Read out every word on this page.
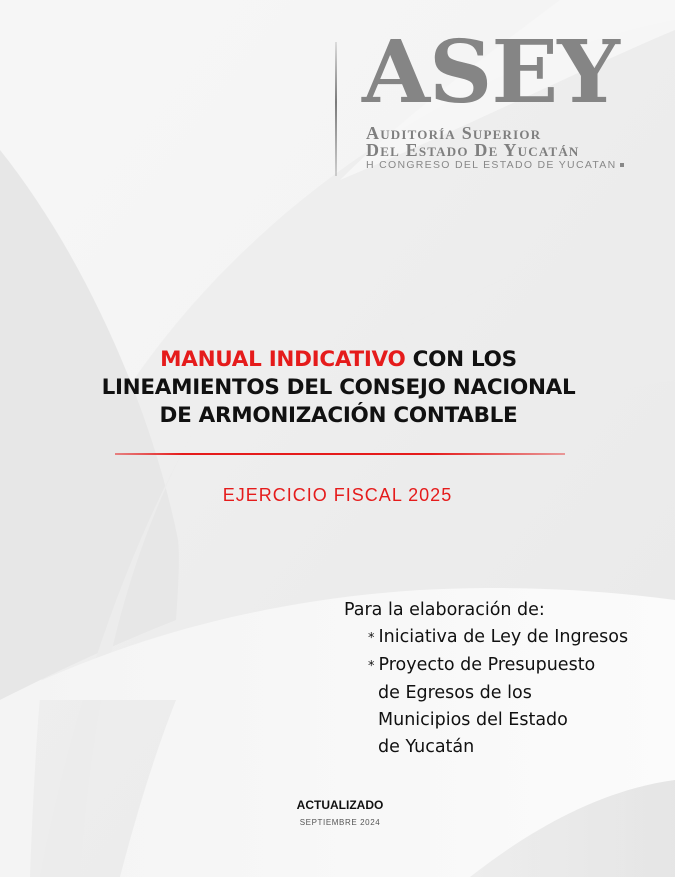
ASEY
Auditoría Superior
Del Estado De Yucatán
H CONGRESO DEL ESTADO DE YUCATAN
MANUAL INDICATIVO CON LOS
LINEAMIENTOS DEL CONSEJO NACIONAL
DE ARMONIZACIÓN CONTABLE
EJERCICIO FISCAL 2025
Para la elaboración de:
* Iniciativa de Ley de Ingresos
* Proyecto de Presupuesto
de Egresos de los
Municipios del Estado
de Yucatán
ACTUALIZADO
SEPTIEMBRE 2024
